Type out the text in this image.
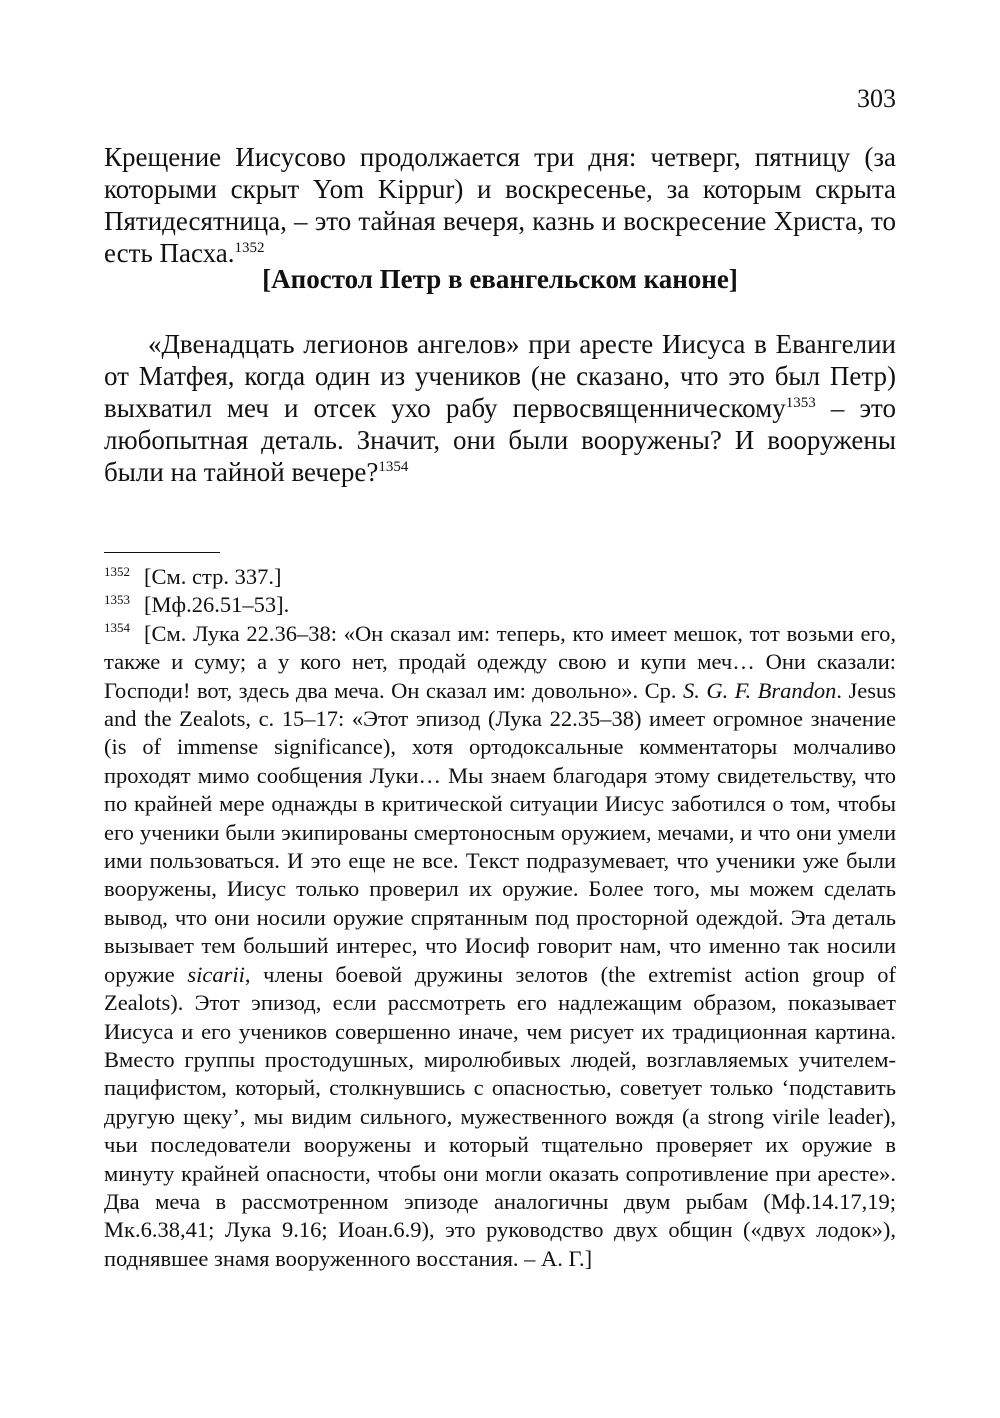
303

Крещение Иисусово продолжается три дня: четверг, пятницу (за которыми скрыт Yom Kippur) и воскресенье, за которым скрыта Пятидесятница, – это тайная вечеря, казнь и воскресение Христа, то есть Пасха.$^{1352}$

[Апостол Петр в евангельском каноне]

«Двенадцать легионов ангелов» при аресте Иисуса в Евангелии от Матфея, когда один из учеников (не сказано, что это был Петр) выхватил меч и отсек ухо рабу первосвященническому$^{1353}$ – это любопытная деталь. Значит, они были вооружены? И вооружены были на тайной вечере?$^{1354}$

$^{1352}$ [См. стр. 337.]

$^{1353}$ [Мф.26.51–53].

$^{1354}$ [См. Лука 22.36–38: «Он сказал им: теперь, кто имеет мешок, тот возьми его, также и суму; а у кого нет, продай одежду свою и купи меч… Они сказали: Господи! вот, здесь два меча. Он сказал им: довольно». Ср. S. G. F. Brandon. Jesus and the Zealots, с. 15–17: «Этот эпизод (Лука 22.35–38) имеет огромное значение (is of immense significance), хотя ортодоксальные комментаторы молчаливо проходят мимо сообщения Луки… Мы знаем благодаря этому свидетельству, что по крайней мере однажды в критической ситуации Иисус заботился о том, чтобы его ученики были экипированы смертоносным оружием, мечами, и что они умели ими пользоваться. И это еще не все. Текст подразумевает, что ученики уже были вооружены, Иисус только проверил их оружие. Более того, мы можем сделать вывод, что они носили оружие спрятанным под просторной одеждой. Эта деталь вызывает тем больший интерес, что Иосиф говорит нам, что именно так носили оружие sicarii, члены боевой дружины зелотов (the extremist action group of Zealots). Этот эпизод, если рассмотреть его надлежащим образом, показывает Иисуса и его учеников совершенно иначе, чем рисует их традиционная картина. Вместо группы простодушных, миролюбивых людей, возглавляемых учителем-пацифистом, который, столкнувшись с опасностью, советует только ‘подставить другую щеку’, мы видим сильного, мужественного вождя (a strong virile leader), чьи последователи вооружены и который тщательно проверяет их оружие в минуту крайней опасности, чтобы они могли оказать сопротивление при аресте». Два меча в рассмотренном эпизоде аналогичны двум рыбам (Мф.14.17,19; Мк.6.38,41; Лука 9.16; Иоан.6.9), это руководство двух общин («двух лодок»), поднявшее знамя вооруженного восстания. – А. Г.]
